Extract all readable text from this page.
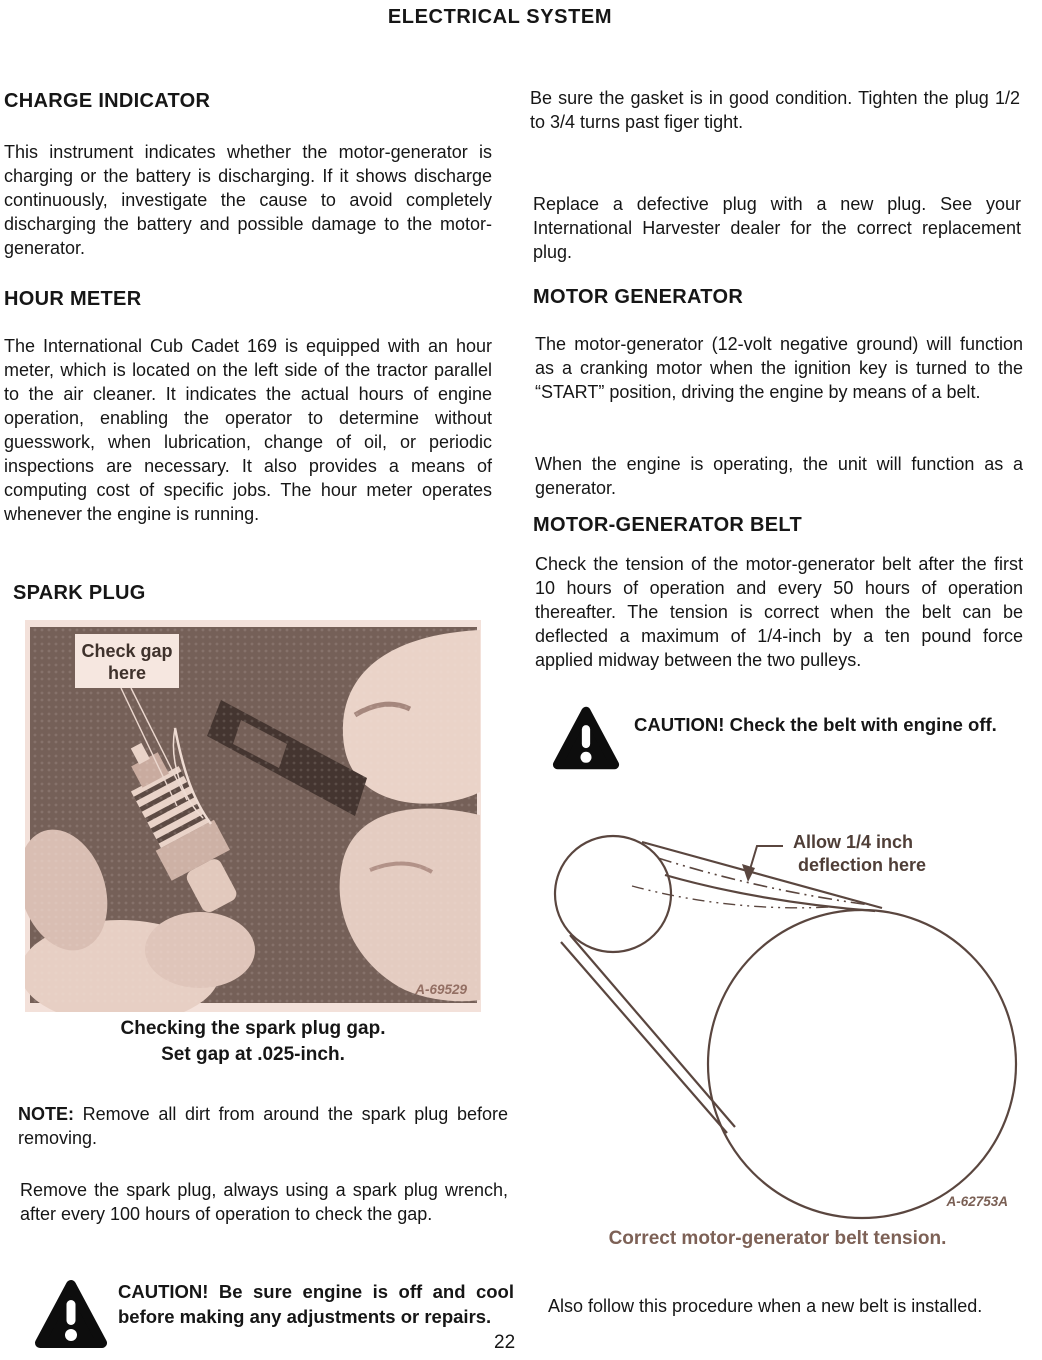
ELECTRICAL SYSTEM
CHARGE INDICATOR
This instrument indicates whether the motor-generator is charging or the battery is discharging. If it shows discharge continuously, investigate the cause to avoid completely discharging the battery and possible damage to the motor-generator.
HOUR METER
The International Cub Cadet 169 is equipped with an hour meter, which is located on the left side of the tractor parallel to the air cleaner. It indicates the actual hours of engine operation, enabling the operator to determine without guesswork, when lubrication, change of oil, or periodic inspections are necessary. It also provides a means of computing cost of specific jobs. The hour meter operates whenever the engine is running.
SPARK PLUG
Check gap
here
A-69529
Checking the spark plug gap.
Set gap at .025-inch.
NOTE: Remove all dirt from around the spark plug before removing.
Remove the spark plug, always using a spark plug wrench, after every 100 hours of operation to check the gap.
CAUTION! Be sure engine is off and cool before making any adjustments or repairs.
22
Be sure the gasket is in good condition. Tighten the plug 1/2 to 3/4 turns past figer tight.
Replace a defective plug with a new plug. See your International Harvester dealer for the correct replacement plug.
MOTOR GENERATOR
The motor-generator (12-volt negative ground) will function as a cranking motor when the ignition key is turned to the “START” position, driving the engine by means of a belt.
When the engine is operating, the unit will function as a generator.
MOTOR-GENERATOR BELT
Check the tension of the motor-generator belt after the first 10 hours of operation and every 50 hours of operation thereafter. The tension is correct when the belt can be deflected a maximum of 1/4-inch by a ten pound force applied midway between the two pulleys.
CAUTION! Check the belt with engine off.
Allow 1/4 inch
deflection here
A-62753A
Correct motor-generator belt tension.
Also follow this procedure when a new belt is installed.
